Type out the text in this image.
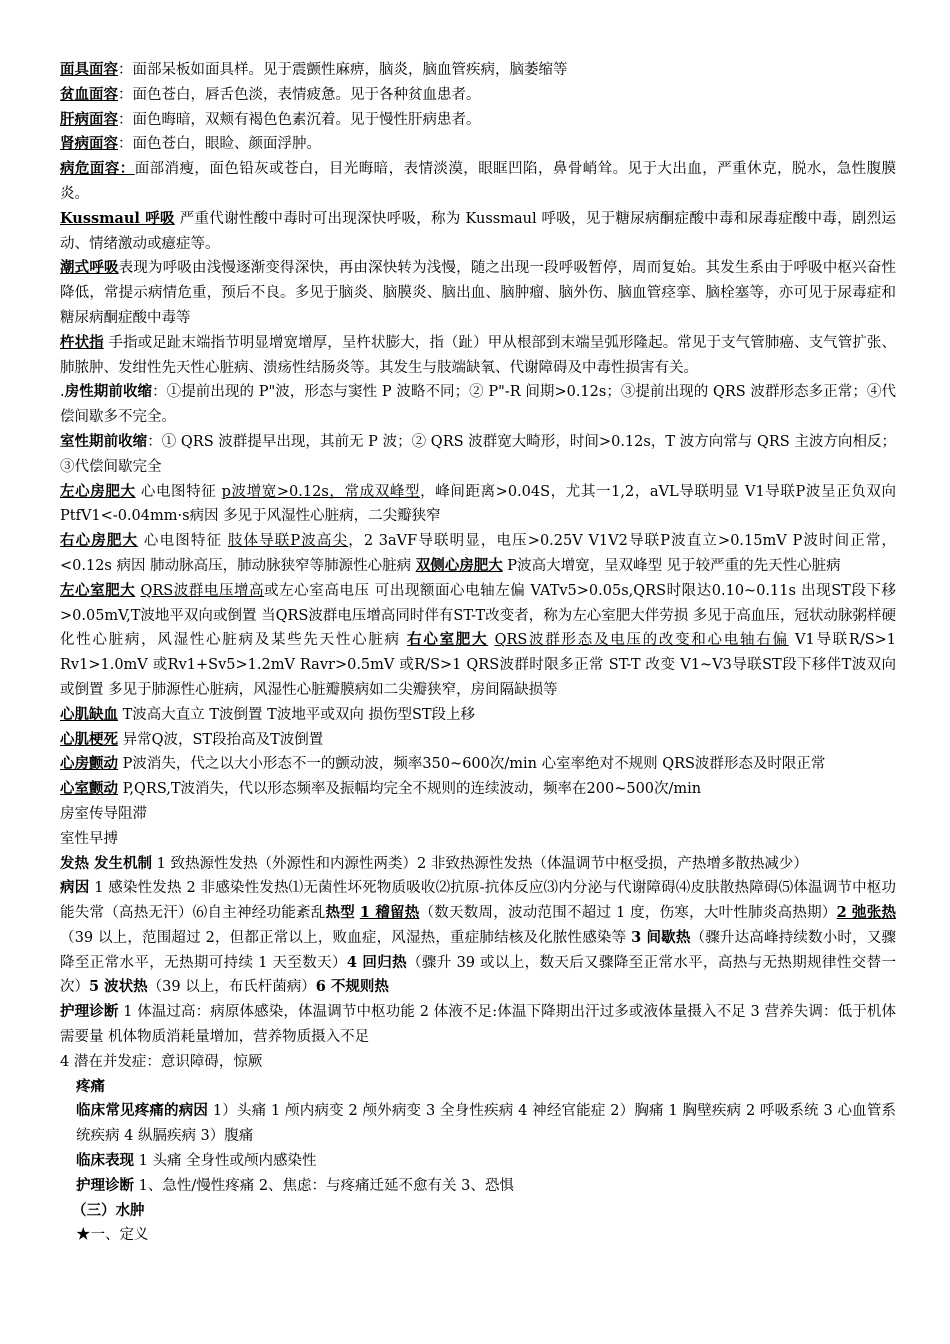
面具面容：面部呆板如面具样。见于震颤性麻痹，脑炎，脑血管疾病，脑萎缩等

贫血面容：面色苍白，唇舌色淡，表情疲惫。见于各种贫血患者。

肝病面容：面色晦暗，双颊有褐色色素沉着。见于慢性肝病患者。

肾病面容：面色苍白，眼睑、颜面浮肿。

病危面容：面部消瘦，面色铅灰或苍白，目光晦暗，表情淡漠，眼眶凹陷，鼻骨峭耸。见于大出血，严重休克，脱水，急性腹膜炎。

Kussmaul 呼吸 严重代谢性酸中毒时可出现深快呼吸，称为 Kussmaul 呼吸，见于糖尿病酮症酸中毒和尿毒症酸中毒，剧烈运动、情绪激动或癔症等。

潮式呼吸表现为呼吸由浅慢逐渐变得深快，再由深快转为浅慢，随之出现一段呼吸暂停，周而复始。其发生系由于呼吸中枢兴奋性降低，常提示病情危重，预后不良。多见于脑炎、脑膜炎、脑出血、脑肿瘤、脑外伤、脑血管痉挛、脑栓塞等，亦可见于尿毒症和糖尿病酮症酸中毒等

杵状指 手指或足趾末端指节明显增宽增厚，呈杵状膨大，指（趾）甲从根部到末端呈弧形隆起。常见于支气管肺癌、支气管扩张、肺脓肿、发绀性先天性心脏病、溃疡性结肠炎等。其发生与肢端缺氧、代谢障碍及中毒性损害有关。

.房性期前收缩：①提前出现的 P"波，形态与窦性 P 波略不同；② P"-R 间期>0.12s；③提前出现的 QRS 波群形态多正常；④代偿间歇多不完全。

室性期前收缩：① QRS 波群提早出现，其前无 P 波；② QRS 波群宽大畸形，时间>0.12s，T 波方向常与 QRS 主波方向相反；③代偿间歇完全

左心房肥大 心电图特征 p波增宽>0.12s，常成双峰型，峰间距离>0.04S，尤其一1,2，aVL导联明显 V1导联P波呈正负双向PtfV1<-0.04mm·s病因 多见于风湿性心脏病，二尖瓣狭窄

右心房肥大 心电图特征 肢体导联P波高尖，2 3aVF导联明显，电压>0.25V V1V2导联P波直立>0.15mV P波时间正常，<0.12s 病因 肺动脉高压，肺动脉狭窄等肺源性心脏病 双侧心房肥大 P波高大增宽，呈双峰型 见于较严重的先天性心脏病

左心室肥大 QRS波群电压增高或左心室高电压 可出现额面心电轴左偏 VATv5>0.05s,QRS时限达0.10~0.11s 出现ST段下移>0.05mV,T波地平双向或倒置 当QRS波群电压增高同时伴有ST-T改变者，称为左心室肥大伴劳损 多见于高血压，冠状动脉粥样硬化性心脏病，风湿性心脏病及某些先天性心脏病 右心室肥大 QRS波群形态及电压的改变和心电轴右偏 V1导联R/S>1 Rv1>1.0mV 或Rv1+Sv5>1.2mV Ravr>0.5mV 或R/S>1 QRS波群时限多正常 ST-T 改变 V1~V3导联ST段下移伴T波双向或倒置 多见于肺源性心脏病，风湿性心脏瓣膜病如二尖瓣狭窄，房间隔缺损等

心肌缺血 T波高大直立 T波倒置 T波地平或双向 损伤型ST段上移

心肌梗死 异常Q波，ST段抬高及T波倒置

心房颤动 P波消失，代之以大小形态不一的颤动波，频率350~600次/min 心室率绝对不规则 QRS波群形态及时限正常

心室颤动 P,QRS,T波消失，代以形态频率及振幅均完全不规则的连续波动，频率在200~500次/min

房室传导阻滞

室性早搏

发热 发生机制 1 致热源性发热（外源性和内源性两类）2 非致热源性发热（体温调节中枢受损，产热增多散热减少）

病因 1 感染性发热 2 非感染性发热⑴无菌性坏死物质吸收⑵抗原-抗体反应⑶内分泌与代谢障碍⑷皮肤散热障碍⑸体温调节中枢功能失常（高热无汗）⑹自主神经功能紊乱热型 1 稽留热（数天数周，波动范围不超过 1 度，伤寒，大叶性肺炎高热期）2 弛张热（39 以上，范围超过 2，但都正常以上，败血症，风湿热，重症肺结核及化脓性感染等 3 间歇热（骤升达高峰持续数小时，又骤降至正常水平，无热期可持续 1 天至数天）4 回归热（骤升 39 或以上，数天后又骤降至正常水平，高热与无热期规律性交替一次）5 波状热（39 以上，布氏杆菌病）6 不规则热

护理诊断 1 体温过高：病原体感染，体温调节中枢功能 2 体液不足:体温下降期出汗过多或液体量摄入不足 3 营养失调：低于机体需要量 机体物质消耗量增加，营养物质摄入不足

4 潜在并发症：意识障碍，惊厥

疼痛

临床常见疼痛的病因 1）头痛 1 颅内病变 2 颅外病变 3 全身性疾病 4 神经官能症 2）胸痛 1 胸壁疾病 2 呼吸系统 3 心血管系统疾病 4 纵膈疾病 3）腹痛

临床表现 1 头痛 全身性或颅内感染性

护理诊断 1、急性/慢性疼痛 2、焦虑：与疼痛迁延不愈有关 3、恐惧

（三）水肿

★一、定义
